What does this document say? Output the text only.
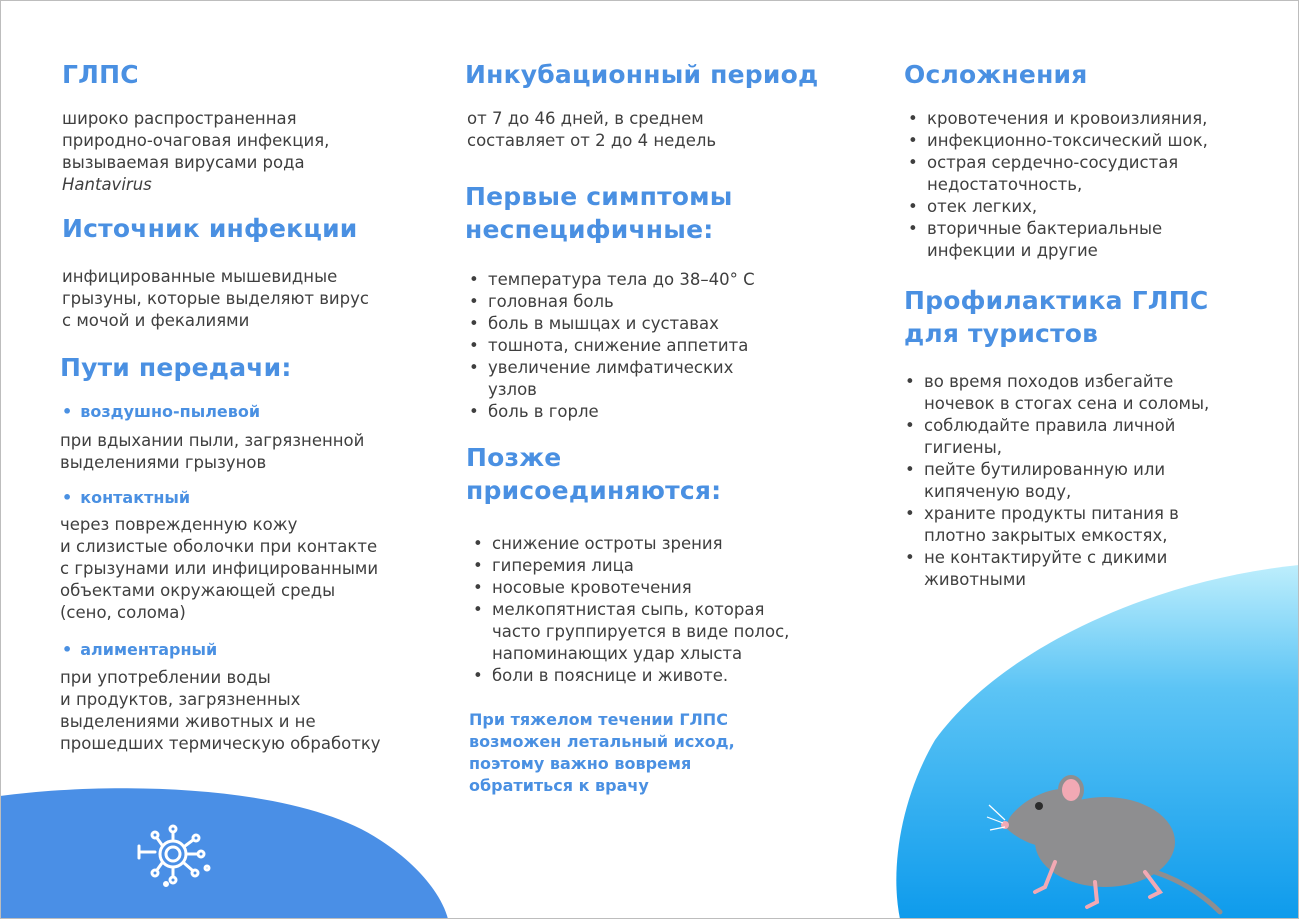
ГЛПС
широко распространенная
природно-очаговая инфекция,
вызываемая вирусами рода
Hantavirus
Источник инфекции
инфицированные мышевидные
грызуны, которые выделяют вирус
с мочой и фекалиями
Пути передачи:
• воздушно-пылевой
при вдыхании пыли, загрязненной
выделениями грызунов
• контактный
через поврежденную кожу
и слизистые оболочки при контакте
с грызунами или инфицированными
объектами окружающей среды
(сено, солома)
• алиментарный
при употреблении воды
и продуктов, загрязненных
выделениями животных и не
прошедших термическую обработку
Инкубационный период
от 7 до 46 дней, в среднем
составляет от 2 до 4 недель
Первые симптомы
неспецифичные:
• температура тела до 38–40° С
• головная боль
• боль в мышцах и суставах
• тошнота, снижение аппетита
• увеличение лимфатических
узлов
• боль в горле
Позже
присоединяются:
• снижение остроты зрения
• гиперемия лица
• носовые кровотечения
• мелкопятнистая сыпь, которая
часто группируется в виде полос,
напоминающих удар хлыста
• боли в пояснице и животе.
При тяжелом течении ГЛПС
возможен летальный исход,
поэтому важно вовремя
обратиться к врачу
Осложнения
• кровотечения и кровоизлияния,
• инфекционно-токсический шок,
• острая сердечно-сосудистая
недостаточность,
• отек легких,
• вторичные бактериальные
инфекции и другие
Профилактика ГЛПС
для туристов
• во время походов избегайте
ночевок в стогах сена и соломы,
• соблюдайте правила личной
гигиены,
• пейте бутилированную или
кипяченую воду,
• храните продукты питания в
плотно закрытых емкостях,
• не контактируйте с дикими
животными
